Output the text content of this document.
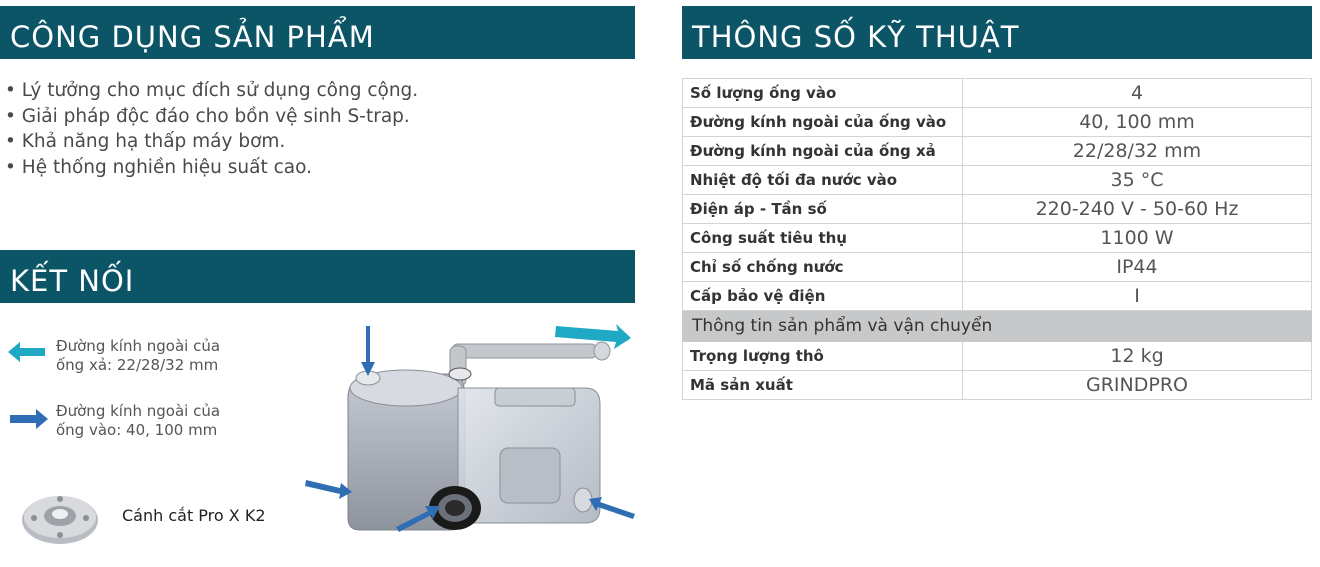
CÔNG DỤNG SẢN PHẨM
• Lý tưởng cho mục đích sử dụng công cộng.
• Giải pháp độc đáo cho bồn vệ sinh S-trap.
• Khả năng hạ thấp máy bơm.
• Hệ thống nghiền hiệu suất cao.
KẾT NỐI
Đường kính ngoài của
ống xả: 22/28/32 mm
Đường kính ngoài của
ống vào: 40, 100 mm
Cánh cắt Pro X K2
THÔNG SỐ KỸ THUẬT
Số lượng ống vào	4
Đường kính ngoài của ống vào	40, 100 mm
Đường kính ngoài của ống xả	22/28/32 mm
Nhiệt độ tối đa nước vào	35 °C
Điện áp - Tần số	220-240 V - 50-60 Hz
Công suất tiêu thụ	1100 W
Chỉ số chống nước	IP44
Cấp bảo vệ điện	I
Thông tin sản phẩm và vận chuyển	
Trọng lượng thô	12 kg
Mã sản xuất	GRINDPRO
